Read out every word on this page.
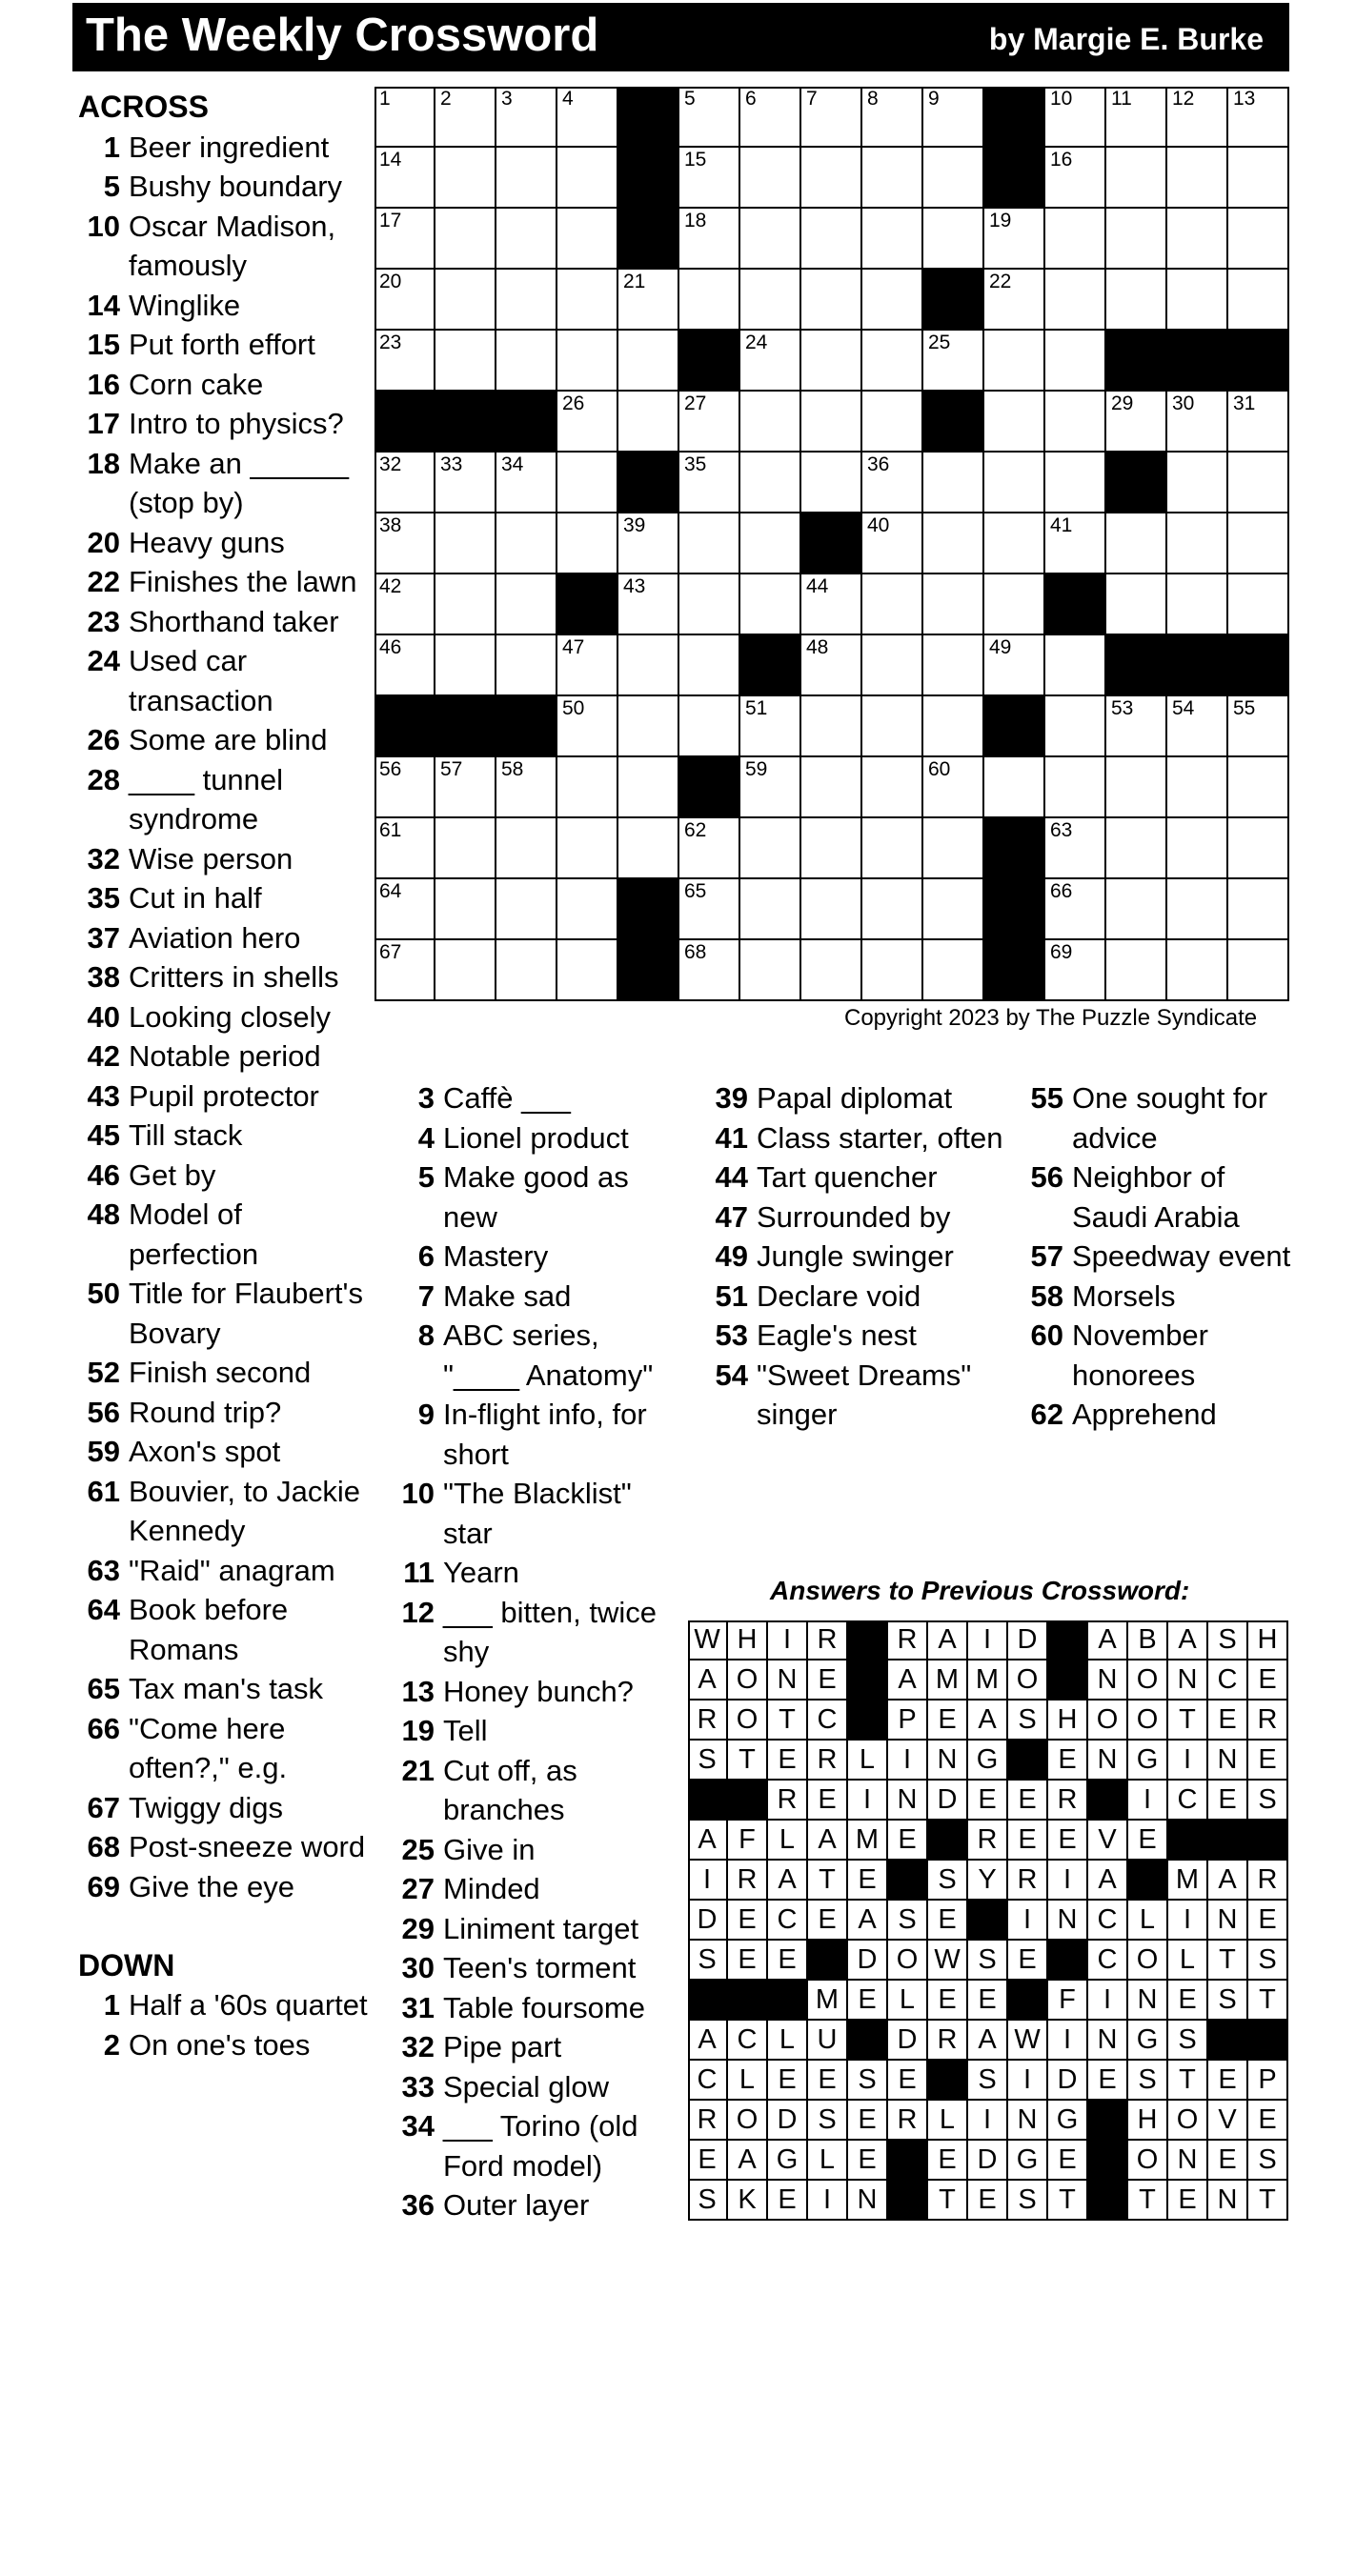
The Weekly Crossword	by Margie E. Burke
1 2 3 4	5 6 7 8 9	10 11 12 13
14	15	16
17	18	19
20	21	22
23	24	25
26	27	29 30 31
32 33 34	35	36
38	39	40	41
42	43	44
46	47	48	49
50	51	53 54 55
56 57 58	59	60
61	62	63
64	65	66
67	68	69
Copyright 2023 by The Puzzle Syndicate
ACROSS
1 Beer ingredient
5 Bushy boundary
10 Oscar Madison, famously
14 Winglike
15 Put forth effort
16 Corn cake
17 Intro to physics?
18 Make an ______ (stop by)
20 Heavy guns
22 Finishes the lawn
23 Shorthand taker
24 Used car transaction
26 Some are blind
28 ____ tunnel syndrome
32 Wise person
35 Cut in half
37 Aviation hero
38 Critters in shells
40 Looking closely
42 Notable period
43 Pupil protector
45 Till stack
46 Get by
48 Model of perfection
50 Title for Flaubert's Bovary
52 Finish second
56 Round trip?
59 Axon's spot
61 Bouvier, to Jackie Kennedy
63 "Raid" anagram
64 Book before Romans
65 Tax man's task
66 "Come here often?," e.g.
67 Twiggy digs
68 Post-sneeze word
69 Give the eye
DOWN
1 Half a '60s quartet
2 On one's toes
3 Caffè ___
4 Lionel product
5 Make good as new
6 Mastery
7 Make sad
8 ABC series, "____ Anatomy"
9 In-flight info, for short
10 "The Blacklist" star
11 Yearn
12 ___ bitten, twice shy
13 Honey bunch?
19 Tell
21 Cut off, as branches
25 Give in
27 Minded
29 Liniment target
30 Teen's torment
31 Table foursome
32 Pipe part
33 Special glow
34 ___ Torino (old Ford model)
36 Outer layer
39 Papal diplomat
41 Class starter, often
44 Tart quencher
47 Surrounded by
49 Jungle swinger
51 Declare void
53 Eagle's nest
54 "Sweet Dreams" singer
55 One sought for advice
56 Neighbor of Saudi Arabia
57 Speedway event
58 Morsels
60 November honorees
62 Apprehend
Answers to Previous Crossword:
W H I R	R A I D	A B A S H
A O N E	A M M O	N O N C E
R O T C	P E A S H O O T E R
S T E R L	I N G	E N G I N E
R E I N D E E R	I C E S
A F L A M E	R E E V E
I R A T E	S Y R I A	M A R
D E C E A S E	I N C L	I N E
S E E	D O W S E	C O L T S
M E L E E	F	I N E S T
A C L U	D R A W I N G S
C L E E S E	S I D E S T E P
R O D S E R L	I N G	H O V E
E A G L E	E D G E	O N E S
S K E I N	T E S T	T E N T
